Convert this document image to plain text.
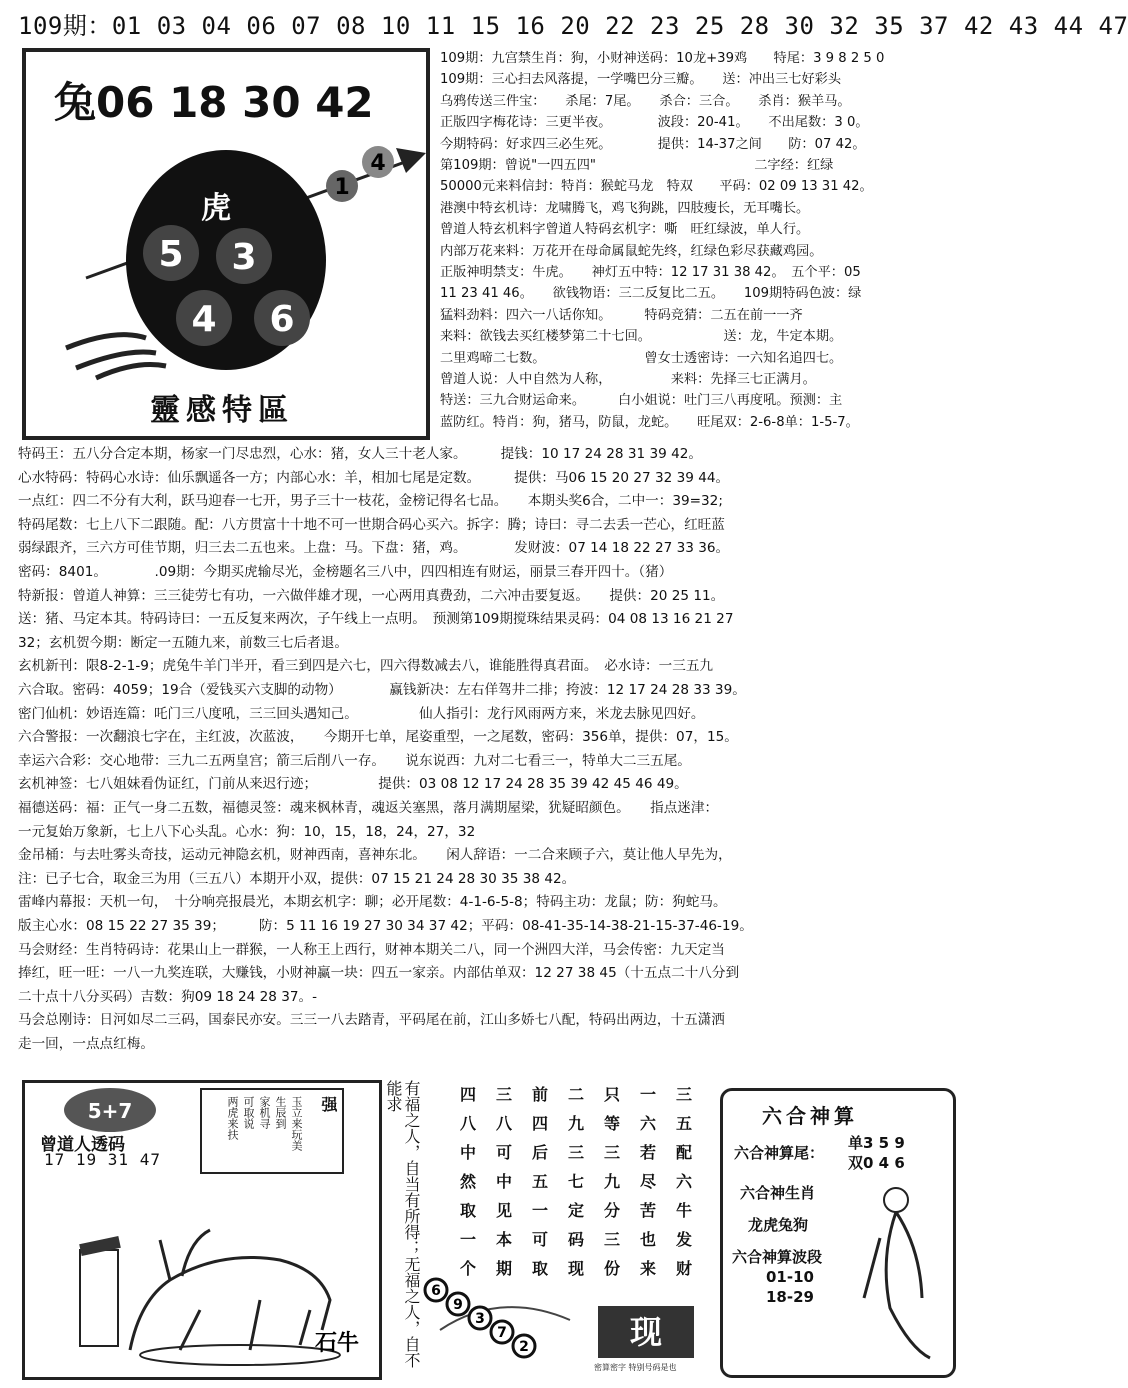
109期：01 03 04 06 07 08 10 11 15 16 20 22 23 25 28 30 32 35 37 42 43 44 47
兔06 18 30 42
1
4
虎
5 3
4 6
靈感特區
109期：九宫禁生肖：狗，小财神送码：10龙+39鸡　　特尾：3 9 8 2 5 0
109期：三心扫去风落提，一学嘴巴分三瓣。　　送：冲出三七好彩头
乌鸦传送三件宝：　　杀尾：7尾。　　杀合：三合。　　杀肖：猴羊马。
正版四字梅花诗：三更半夜。　　　　波段：20-41。　　不出尾数：3 0。
今期特码：好求四三必生死。　　　　提供：14-37之间　　防：07 42。
第109期：曾说"一四五四"　　　　　　　　　　　　二字经：红绿
50000元来料信封：特肖：猴蛇马龙　特双　　平码：02 09 13 31 42。
港澳中特玄机诗：龙啸腾飞，鸡飞狗跳，四肢瘦长，无耳嘴长。
曾道人特玄机料字曾道人特码玄机字：嘶　旺红绿波，单人行。
内部万花来料：万花开在母命属鼠蛇先终，红绿色彩尽获藏鸡园。
正版神明禁支：牛虎。　　神灯五中特：12 17 31 38 42。　五个平：05
11 23 41 46。　　欲钱物语：三二反复比二五。　　109期特码色波：绿
猛料劲料：四六一八话你知。　　　特码竞猜：二五在前一一齐
来料：欲钱去买红楼梦第二十七回。　　　　　　送：龙，牛定本期。
二里鸡啼二七数。　　　　　　　　曾女士透密诗：一六知名追四七。
曾道人说：人中自然为人称，　　　　　来料：先择三七正满月。
特送：三九合财运命来。　　　白小姐说：吐门三八再度吼。预测：主
蓝防红。特肖：狗，猪马，防鼠，龙蛇。　　旺尾双：2-6-8单：1-5-7。
特码王：五八分合定本期，杨家一门尽忠烈，心水：猪，女人三十老人家。　　　提钱：10 17 24 28 31 39 42。
心水特码：特码心水诗：仙乐飘遥各一方；内部心水：羊，相加七尾是定数。　　　提供：马06 15 20 27 32 39 44。
一点红：四二不分有大利，跃马迎春一七开，男子三十一枝花，金榜记得名七品。　　本期头奖6合，二中一：39=32;
特码尾数：七上八下二跟随。配：八方贯富十十地不可一世期合码心买六。拆字：腾；诗曰：寻二去丢一芒心，红旺蓝
弱绿跟齐，三六方可佳节期，归三去二五也来。上盘：马。下盘：猪，鸡。　　　　发财波：07 14 18 22 27 33 36。
密码：8401。　　　　.09期：今期买虎输尽光，金榜题名三八中，四四相连有财运，丽景三春开四十。（猪）
特新报：曾道人神算：三三徒劳七有功，一六做伴雄才现，一心两用真费劲，二六冲击要复返。　　提供：20 25 11。
送：猪、马定本其。特码诗曰：一五反复来两次，子午线上一点明。　预测第109期搅珠结果灵码：04 08 13 16 21 27
32；玄机贺今期：断定一五随九来，前数三七后者退。
玄机新刊：限8-2-1-9；虎兔牛羊门半开，看三到四是六七，四六得数减去八，谁能胜得真君面。　必水诗：一三五九
六合取。密码：4059；19合（爱钱买六支脚的动物）　　　　赢钱新决：左右佯驾井二排；挎波：12 17 24 28 33 39。
密门仙机：妙语连篇：吒门三八度吼，三三回头遇知己。　　　　　仙人指引：龙行风雨两方来，米龙去脉见四好。
六合警报：一次翻浪七字在，主红波，次蓝波，　　今期开七单，尾姿重型，一之尾数，密码：356单，提供：07，15。
幸运六合彩：交心地带：三九二五两皇宫；箭三后削八一存。　　说东说西：九对二七看三一，特单大二三五尾。
玄机神签：七八姐妹看伪证红，门前从来迟行迹；　　　　　提供：03 08 12 17 24 28 35 39 42 45 46 49。
福德送码：福：正气一身二五数，福德灵签：魂来枫林青，魂返关塞黑，落月满期屋梁，犹疑昭颜色。　　指点迷津：
一元复始万象新，七上八下心头乱。心水：狗：10，15，18，24，27，32
金吊桶：与去吐雾头奇技，运动元神隐玄机，财神西南，喜神东北。　　闲人辞语：一二合来顾子六，莫让他人早先为，
注：已子七合，取金三为用（三五八）本期开小双，提供：07 15 21 24 28 30 35 38 42。
雷峰内幕报：天机一句，　十分响亮报晨光，本期玄机字：聊；必开尾数：4-1-6-5-8；特码主功：龙鼠；防：狗蛇马。
版主心水：08 15 22 27 35 39；　　　防：5 11 16 19 27 30 34 37 42；平码：08-41-35-14-38-21-15-37-46-19。
马会财经：生肖特码诗：花果山上一群猴，一人称王上西行，财神本期关二八，同一个洲四大洋，马会传密：九天定当
捧红，旺一旺：一八一九奖连联，大赚钱，小财神赢一块：四五一家亲。内部估单双：12 27 38 45（十五点二十八分到
二十点十八分买码）吉数：狗09 18 24 28 37。-
马会总刚诗：日河如尽二三码，国泰民亦安。三三一八去踏青，平码尾在前，江山多娇七八配，特码出两边，十五潇洒
走一回，一点点红梅。
5+7
曾道人透码
17 19 31 47
强
玉立来玩美
生辰到
家机寻
可取说
两虎来扶
石牛	有福之人，自当有所得；无福之人，自不能求	四	三	前	二	只	一	三
八	八	四	九	等	六	五
中	可	后	三	三	若	配
然	中	五	七	九	尽	六
取	见	一	定	分	苦	牛
一	本	可	码	三	也	发
个	期	取	现	份	来	财
6
9
3
7
2	现
密算密字 特别号码是也
六合神算
六合神算尾：
单3 5 9
双0 4 6
六合神生肖
龙虎兔狗
六合神算波段
01-10
18-29
